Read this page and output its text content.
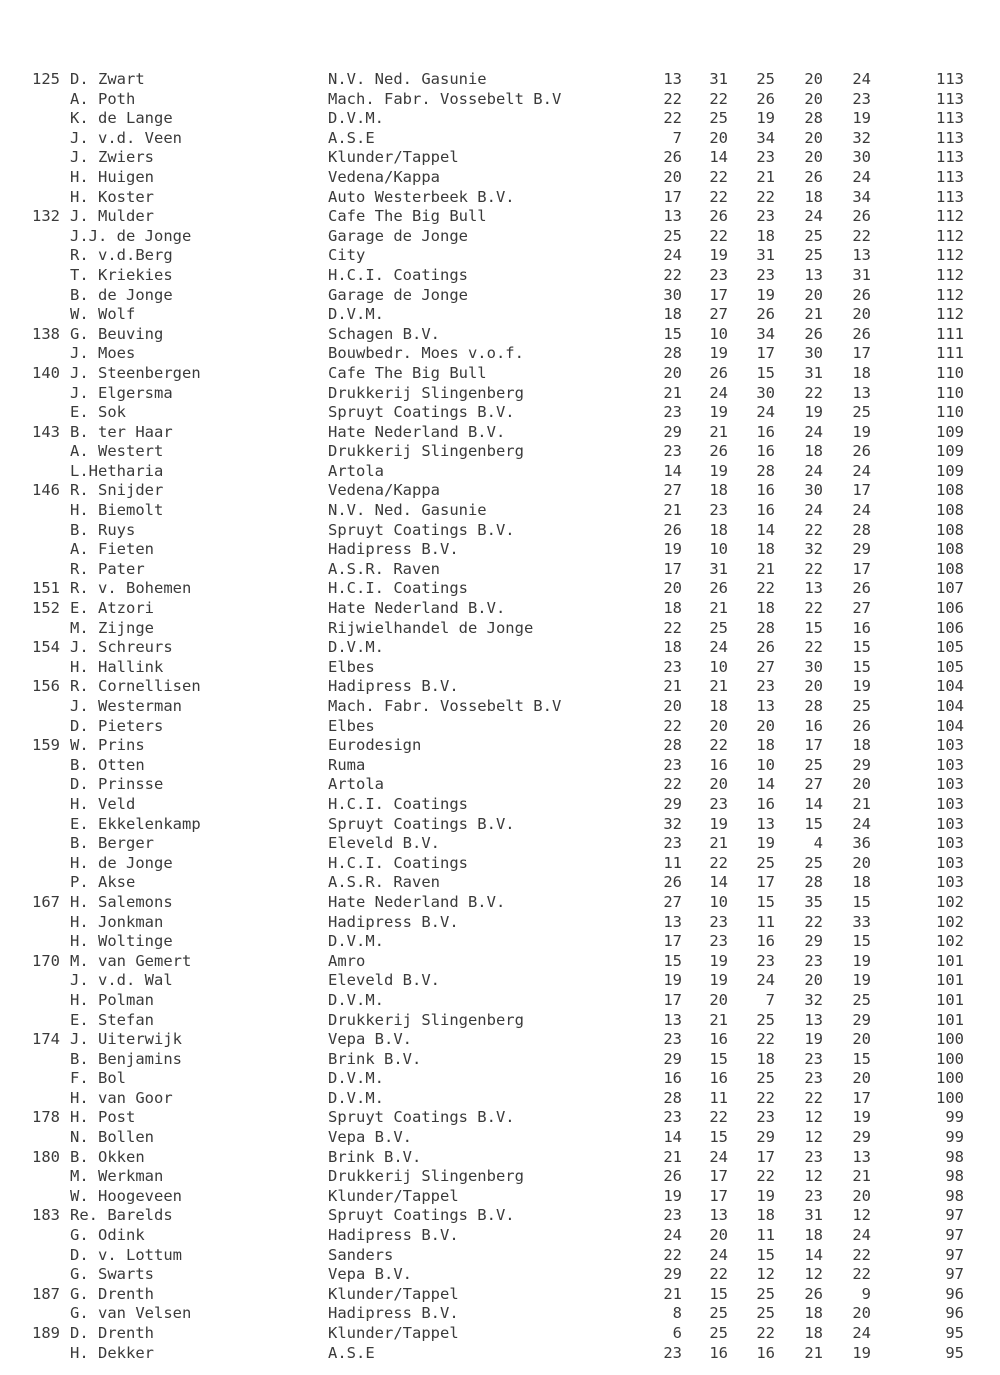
125 D. Zwart	N.V. Ned. Gasunie	13	31	25	20	24	113
A. Poth	Mach. Fabr. Vossebelt B.V	22	22	26	20	23	113
K. de Lange	D.V.M.	22	25	19	28	19	113
J. v.d. Veen	A.S.E	7	20	34	20	32	113
J. Zwiers	Klunder/Tappel	26	14	23	20	30	113
H. Huigen	Vedena/Kappa	20	22	21	26	24	113
H. Koster	Auto Westerbeek B.V.	17	22	22	18	34	113
132 J. Mulder	Cafe The Big Bull	13	26	23	24	26	112
J.J. de Jonge	Garage de Jonge	25	22	18	25	22	112
R. v.d.Berg	City	24	19	31	25	13	112
T. Kriekies	H.C.I. Coatings	22	23	23	13	31	112
B. de Jonge	Garage de Jonge	30	17	19	20	26	112
W. Wolf	D.V.M.	18	27	26	21	20	112
138 G. Beuving	Schagen B.V.	15	10	34	26	26	111
J. Moes	Bouwbedr. Moes v.o.f.	28	19	17	30	17	111
140 J. Steenbergen	Cafe The Big Bull	20	26	15	31	18	110
J. Elgersma	Drukkerij Slingenberg	21	24	30	22	13	110
E. Sok	Spruyt Coatings B.V.	23	19	24	19	25	110
143 B. ter Haar	Hate Nederland B.V.	29	21	16	24	19	109
A. Westert	Drukkerij Slingenberg	23	26	16	18	26	109
L.Hetharia	Artola	14	19	28	24	24	109
146 R. Snijder	Vedena/Kappa	27	18	16	30	17	108
H. Biemolt	N.V. Ned. Gasunie	21	23	16	24	24	108
B. Ruys	Spruyt Coatings B.V.	26	18	14	22	28	108
A. Fieten	Hadipress B.V.	19	10	18	32	29	108
R. Pater	A.S.R. Raven	17	31	21	22	17	108
151 R. v. Bohemen	H.C.I. Coatings	20	26	22	13	26	107
152 E. Atzori	Hate Nederland B.V.	18	21	18	22	27	106
M. Zijnge	Rijwielhandel de Jonge	22	25	28	15	16	106
154 J. Schreurs	D.V.M.	18	24	26	22	15	105
H. Hallink	Elbes	23	10	27	30	15	105
156 R. Cornellisen	Hadipress B.V.	21	21	23	20	19	104
J. Westerman	Mach. Fabr. Vossebelt B.V	20	18	13	28	25	104
D. Pieters	Elbes	22	20	20	16	26	104
159 W. Prins	Eurodesign	28	22	18	17	18	103
B. Otten	Ruma	23	16	10	25	29	103
D. Prinsse	Artola	22	20	14	27	20	103
H. Veld	H.C.I. Coatings	29	23	16	14	21	103
E. Ekkelenkamp	Spruyt Coatings B.V.	32	19	13	15	24	103
B. Berger	Eleveld B.V.	23	21	19	4	36	103
H. de Jonge	H.C.I. Coatings	11	22	25	25	20	103
P. Akse	A.S.R. Raven	26	14	17	28	18	103
167 H. Salemons	Hate Nederland B.V.	27	10	15	35	15	102
H. Jonkman	Hadipress B.V.	13	23	11	22	33	102
H. Woltinge	D.V.M.	17	23	16	29	15	102
170 M. van Gemert	Amro	15	19	23	23	19	101
J. v.d. Wal	Eleveld B.V.	19	19	24	20	19	101
H. Polman	D.V.M.	17	20	7	32	25	101
E. Stefan	Drukkerij Slingenberg	13	21	25	13	29	101
174 J. Uiterwijk	Vepa B.V.	23	16	22	19	20	100
B. Benjamins	Brink B.V.	29	15	18	23	15	100
F. Bol	D.V.M.	16	16	25	23	20	100
H. van Goor	D.V.M.	28	11	22	22	17	100
178 H. Post	Spruyt Coatings B.V.	23	22	23	12	19	99
N. Bollen	Vepa B.V.	14	15	29	12	29	99
180 B. Okken	Brink B.V.	21	24	17	23	13	98
M. Werkman	Drukkerij Slingenberg	26	17	22	12	21	98
W. Hoogeveen	Klunder/Tappel	19	17	19	23	20	98
183 Re. Barelds	Spruyt Coatings B.V.	23	13	18	31	12	97
G. Odink	Hadipress B.V.	24	20	11	18	24	97
D. v. Lottum	Sanders	22	24	15	14	22	97
G. Swarts	Vepa B.V.	29	22	12	12	22	97
187 G. Drenth	Klunder/Tappel	21	15	25	26	9	96
G. van Velsen	Hadipress B.V.	8	25	25	18	20	96
189 D. Drenth	Klunder/Tappel	6	25	22	18	24	95
H. Dekker	A.S.E	23	16	16	21	19	95
